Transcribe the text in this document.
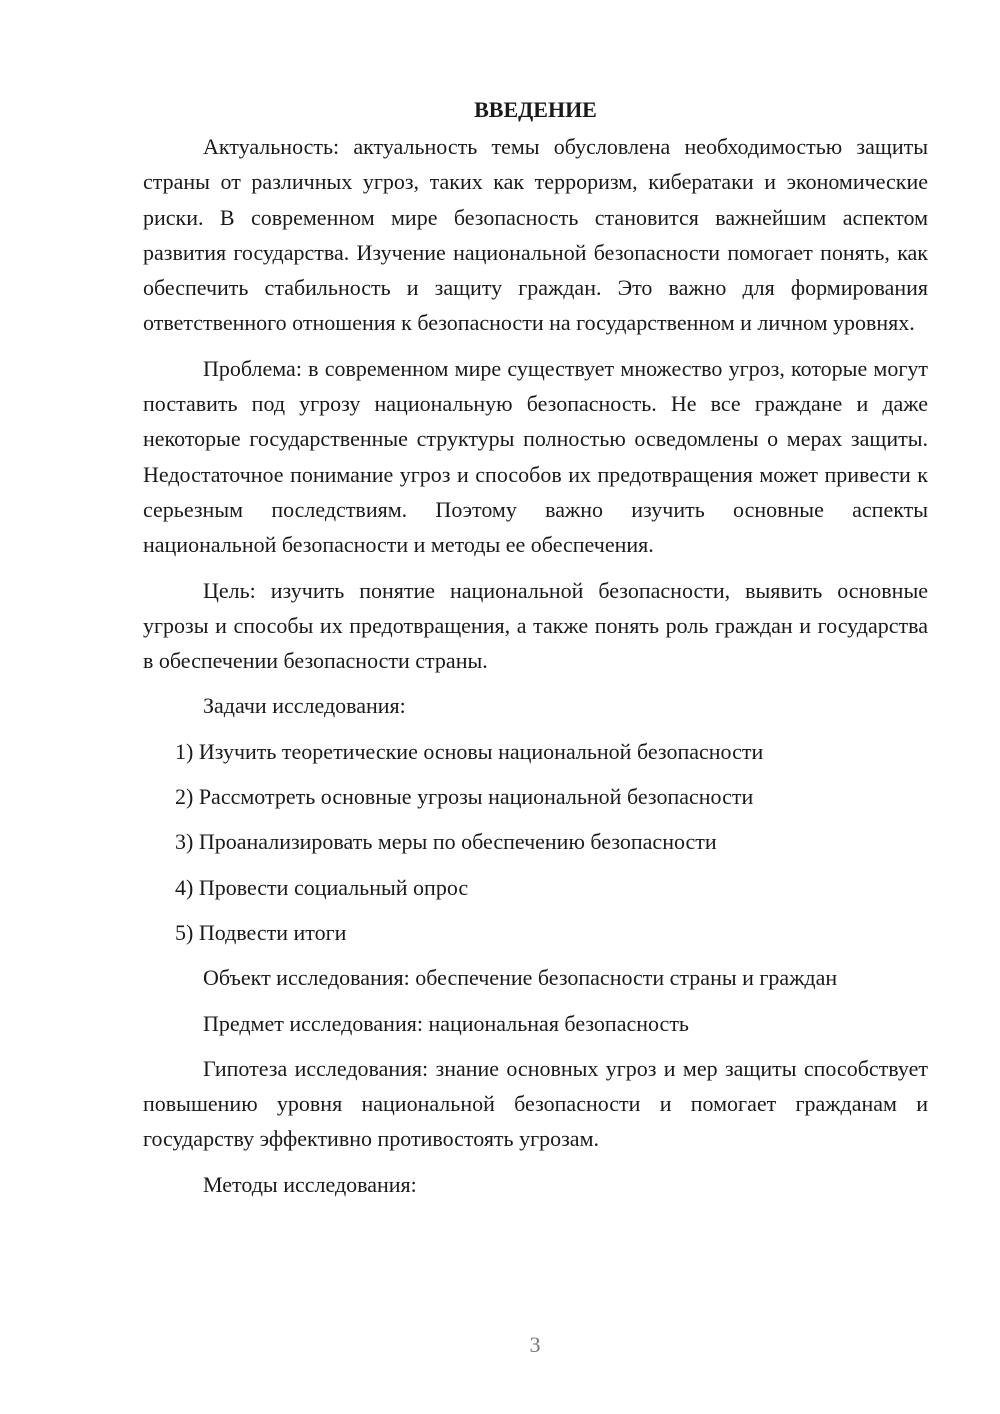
ВВЕДЕНИЕ

Актуальность: актуальность темы обусловлена необходимостью защиты страны от различных угроз, таких как терроризм, кибератаки и экономические риски. В современном мире безопасность становится важнейшим аспектом развития государства. Изучение национальной безопасности помогает понять, как обеспечить стабильность и защиту граждан. Это важно для формирования ответственного отношения к безопасности на государственном и личном уровнях.

Проблема: в современном мире существует множество угроз, которые могут поставить под угрозу национальную безопасность. Не все граждане и даже некоторые государственные структуры полностью осведомлены о мерах защиты. Недостаточное понимание угроз и способов их предотвращения может привести к серьезным последствиям. Поэтому важно изучить основные аспекты национальной безопасности и методы ее обеспечения.

Цель: изучить понятие национальной безопасности, выявить основные угрозы и способы их предотвращения, а также понять роль граждан и государства в обеспечении безопасности страны.

Задачи исследования:

1) Изучить теоретические основы национальной безопасности

2) Рассмотреть основные угрозы национальной безопасности

3) Проанализировать меры по обеспечению безопасности

4) Провести социальный опрос

5) Подвести итоги

Объект исследования: обеспечение безопасности страны и граждан

Предмет исследования: национальная безопасность

Гипотеза исследования: знание основных угроз и мер защиты способствует повышению уровня национальной безопасности и помогает гражданам и государству эффективно противостоять угрозам.

Методы исследования:

3
